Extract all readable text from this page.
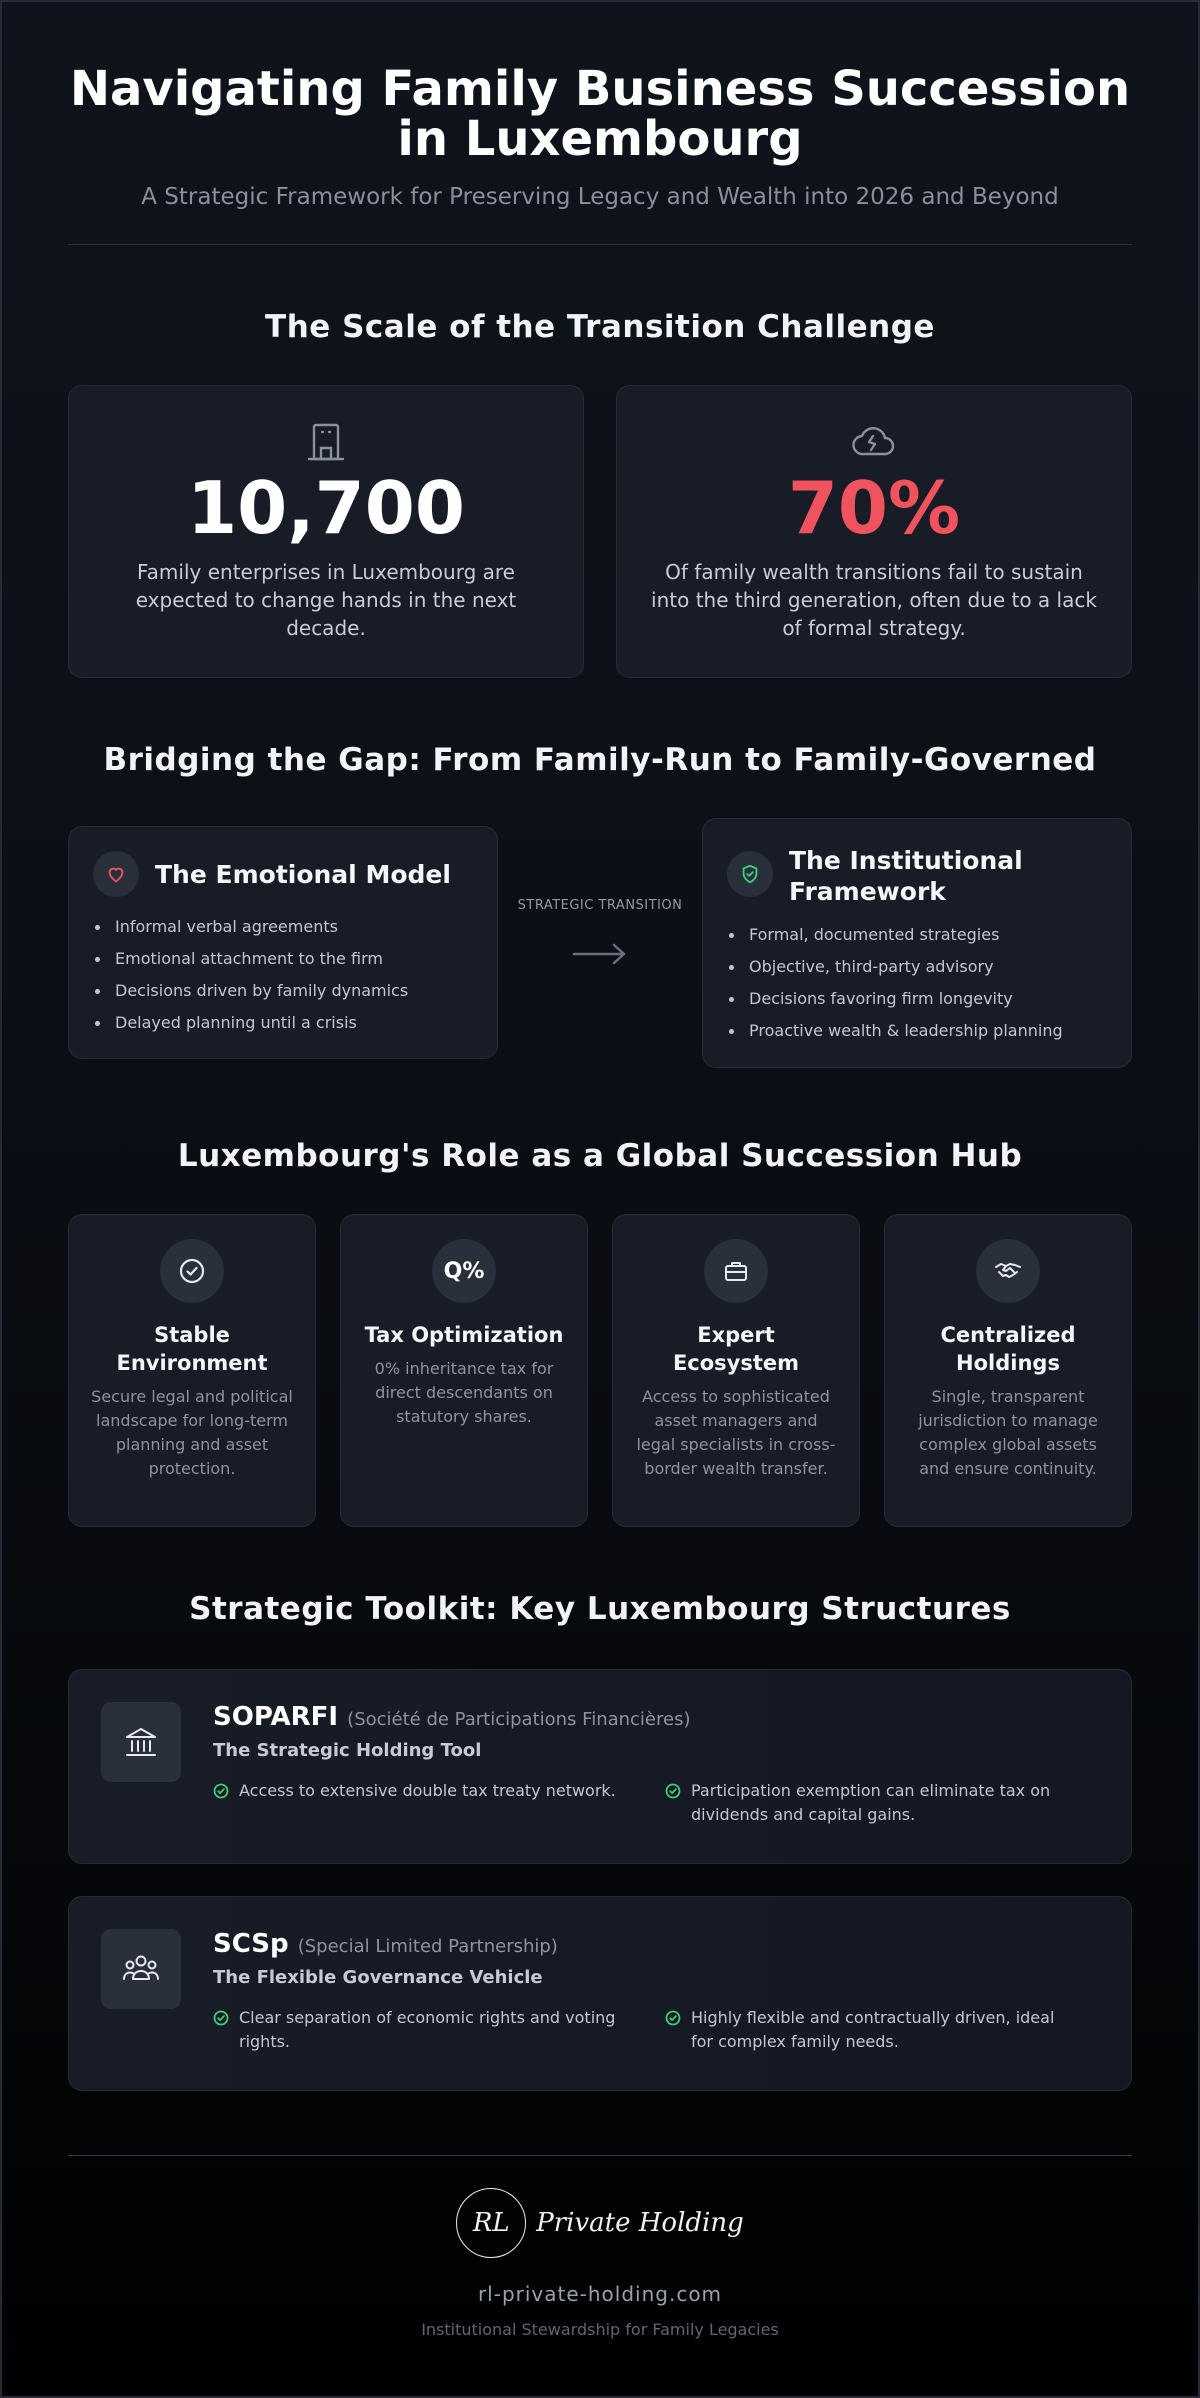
Navigating Family Business Succession in Luxembourg
A Strategic Framework for Preserving Legacy and Wealth into 2026 and Beyond
The Scale of the Transition Challenge
10,700
Family enterprises in Luxembourg are expected to change hands in the next decade.
70%
Of family wealth transitions fail to sustain into the third generation, often due to a lack of formal strategy.
Bridging the Gap: From Family-Run to Family-Governed
The Emotional Model
Informal verbal agreements
Emotional attachment to the firm
Decisions driven by family dynamics
Delayed planning until a crisis
STRATEGIC TRANSITION
The Institutional Framework
Formal, documented strategies
Objective, third-party advisory
Decisions favoring firm longevity
Proactive wealth & leadership planning
Luxembourg's Role as a Global Succession Hub
Stable Environment
Secure legal and political landscape for long-term planning and asset protection.
Q%
Tax Optimization
0% inheritance tax for direct descendants on statutory shares.
Expert Ecosystem
Access to sophisticated asset managers and legal specialists in cross-border wealth transfer.
Centralized Holdings
Single, transparent jurisdiction to manage complex global assets and ensure continuity.
Strategic Toolkit: Key Luxembourg Structures
SOPARFI (Société de Participations Financières)
The Strategic Holding Tool
Access to extensive double tax treaty network.	Participation exemption can eliminate tax on dividends and capital gains.
SCSp (Special Limited Partnership)
The Flexible Governance Vehicle
Clear separation of economic rights and voting rights.
Highly flexible and contractually driven, ideal for complex family needs.
RL Private Holding
rl-private-holding.com
Institutional Stewardship for Family Legacies
